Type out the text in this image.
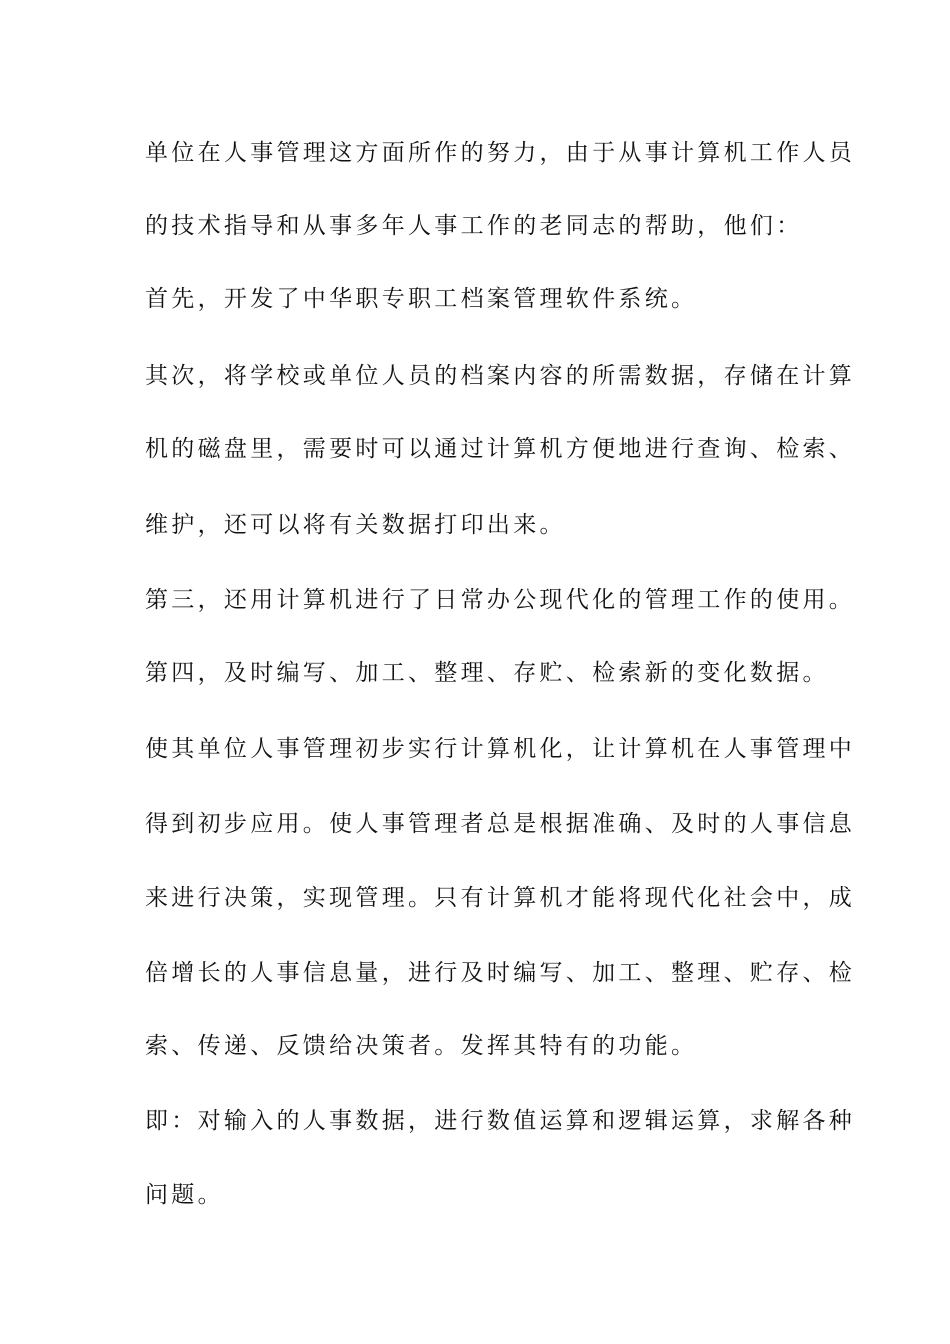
单位在人事管理这方面所作的努力，由于从事计算机工作人员
的技术指导和从事多年人事工作的老同志的帮助，他们：
首先，开发了中华职专职工档案管理软件系统。
其次，将学校或单位人员的档案内容的所需数据，存储在计算
机的磁盘里，需要时可以通过计算机方便地进行查询、检索、
维护，还可以将有关数据打印出来。
第三，还用计算机进行了日常办公现代化的管理工作的使用。
第四，及时编写、加工、整理、存贮、检索新的变化数据。
使其单位人事管理初步实行计算机化，让计算机在人事管理中
得到初步应用。使人事管理者总是根据准确、及时的人事信息
来进行决策，实现管理。只有计算机才能将现代化社会中，成
倍增长的人事信息量，进行及时编写、加工、整理、贮存、检
索、传递、反馈给决策者。发挥其特有的功能。
即：对输入的人事数据，进行数值运算和逻辑运算，求解各种
问题。
